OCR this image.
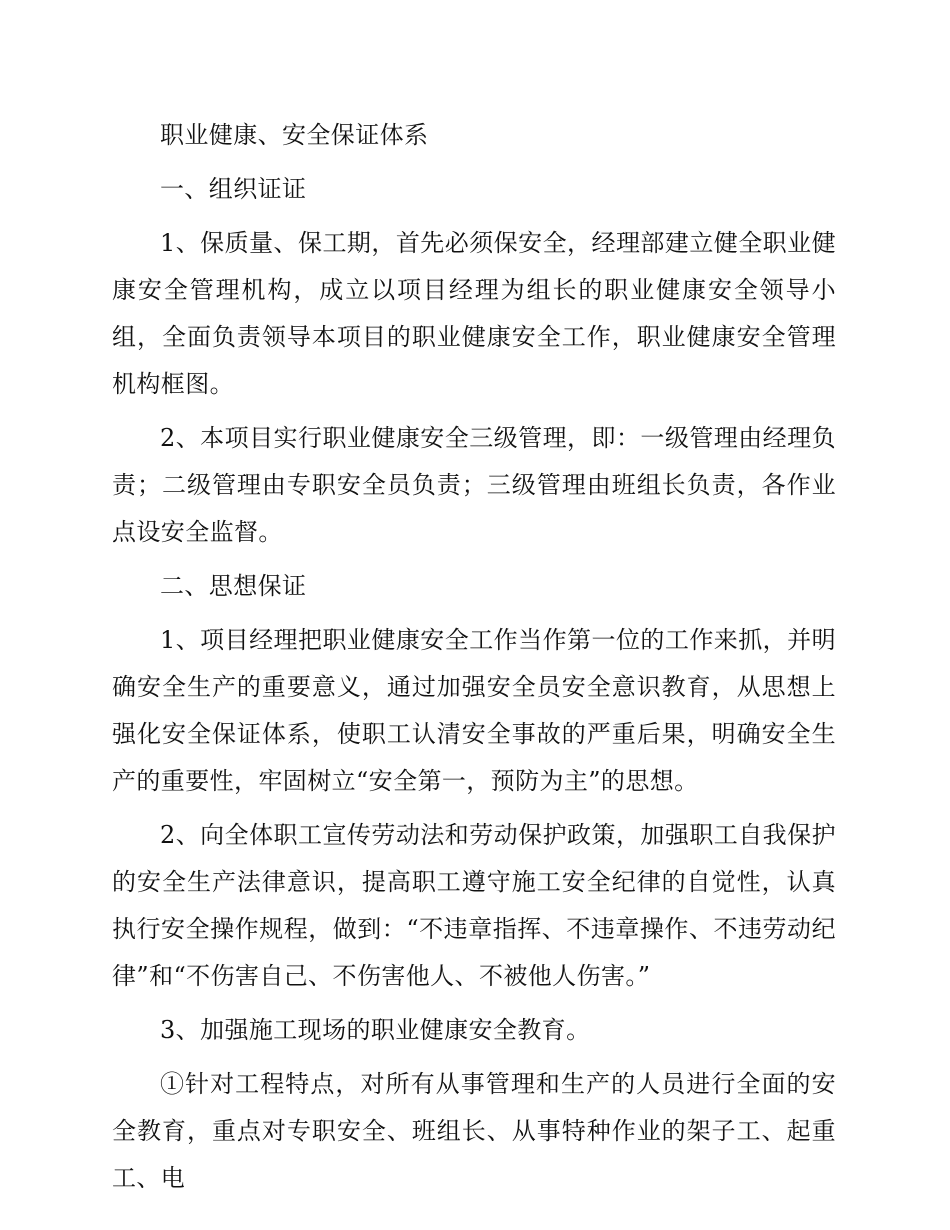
职业健康、安全保证体系

一、组织证证

1、保质量、保工期，首先必须保安全，经理部建立健全职业健康安全管理机构，成立以项目经理为组长的职业健康安全领导小组，全面负责领导本项目的职业健康安全工作，职业健康安全管理机构框图。

2、本项目实行职业健康安全三级管理，即：一级管理由经理负责；二级管理由专职安全员负责；三级管理由班组长负责，各作业点设安全监督。

二、思想保证

1、项目经理把职业健康安全工作当作第一位的工作来抓，并明确安全生产的重要意义，通过加强安全员安全意识教育，从思想上强化安全保证体系，使职工认清安全事故的严重后果，明确安全生产的重要性，牢固树立“安全第一，预防为主”的思想。

2、向全体职工宣传劳动法和劳动保护政策，加强职工自我保护的安全生产法律意识，提高职工遵守施工安全纪律的自觉性，认真执行安全操作规程，做到：“不违章指挥、不违章操作、不违劳动纪律”和“不伤害自己、不伤害他人、不被他人伤害。”

3、加强施工现场的职业健康安全教育。

①针对工程特点，对所有从事管理和生产的人员进行全面的安全教育，重点对专职安全、班组长、从事特种作业的架子工、起重工、电
